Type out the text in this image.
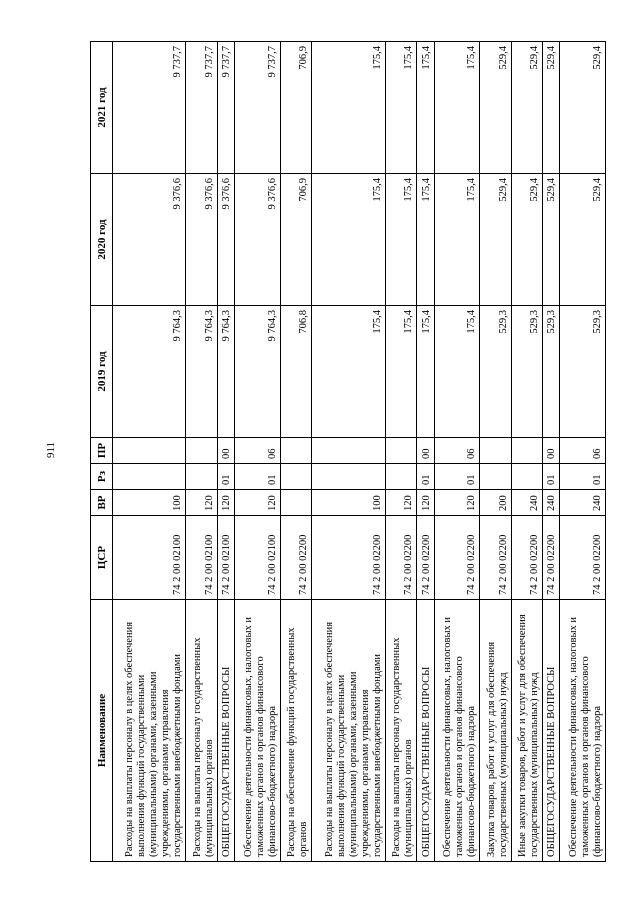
911
Наименование	ЦСР	ВР	Рз	ПР	2019 год	2020 год	2021 год
Расходы на выплаты персоналу в целях обеспечения выполнения функций государственными (муниципальными) органами, казенными учреждениями, органами управления государственными внебюджетными фондами	74 2 00 02100	100			9 764,3	9 376,6	9 737,7
Расходы на выплаты персоналу государственных (муниципальных) органов	74 2 00 02100	120			9 764,3	9 376,6	9 737,7
ОБЩЕГОСУДАРСТВЕННЫЕ ВОПРОСЫ	74 2 00 02100	120	01	00	9 764,3	9 376,6	9 737,7
Обеспечение деятельности финансовых, налоговых и таможенных органов и органов финансового (финансово-бюджетного) надзора	74 2 00 02100	120	01	06	9 764,3	9 376,6	9 737,7
Расходы на обеспечение функций государственных органов	74 2 00 02200				706,8	706,9	706,9
Расходы на выплаты персоналу в целях обеспечения выполнения функций государственными (муниципальными) органами, казенными учреждениями, органами управления государственными внебюджетными фондами	74 2 00 02200	100			175,4	175,4	175,4
Расходы на выплаты персоналу государственных (муниципальных) органов	74 2 00 02200	120			175,4	175,4	175,4
ОБЩЕГОСУДАРСТВЕННЫЕ ВОПРОСЫ	74 2 00 02200	120	01	00	175,4	175,4	175,4
Обеспечение деятельности финансовых, налоговых и таможенных органов и органов финансового (финансово-бюджетного) надзора	74 2 00 02200	120	01	06	175,4	175,4	175,4
Закупка товаров, работ и услуг для обеспечения государственных (муниципальных) нужд	74 2 00 02200	200			529,3	529,4	529,4
Иные закупки товаров, работ и услуг для обеспечения государственных (муниципальных) нужд	74 2 00 02200	240			529,3	529,4	529,4
ОБЩЕГОСУДАРСТВЕННЫЕ ВОПРОСЫ	74 2 00 02200	240	01	00	529,3	529,4	529,4
Обеспечение деятельности финансовых, налоговых и таможенных органов и органов финансового (финансово-бюджетного) надзора	74 2 00 02200	240	01	06	529,3	529,4	529,4
